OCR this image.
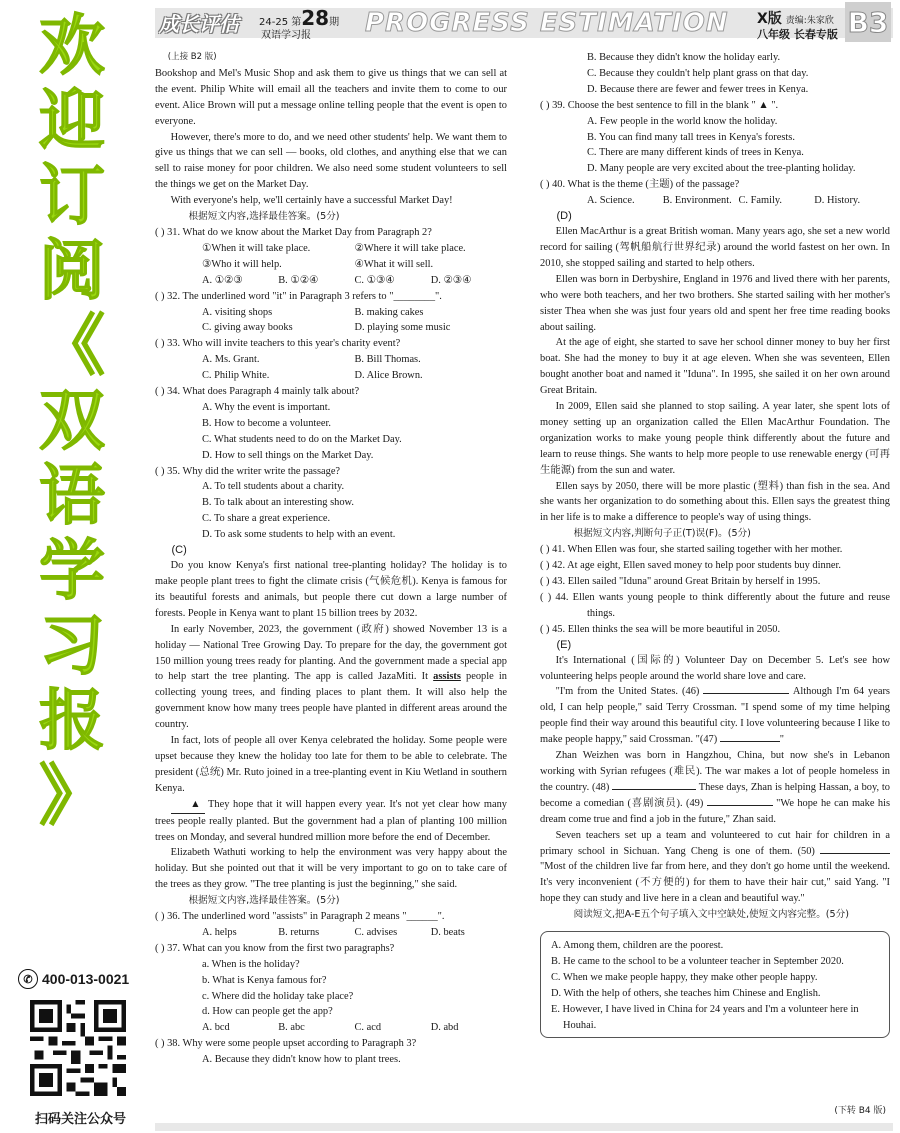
欢
迎
订
阅
《
双
语
学
习
报
》
✆ 400-013-0021
扫码关注公众号
成长评估 24-25 第28期
双语学习报 PROGRESS ESTIMATION X版 责编:朱家欣
八年级 长春专版 B3

(上接 B2 版)

Bookshop and Mel's Music Shop and ask them to give us things that we can sell at the event. Philip White will email all the teachers and invite them to come to our event. Alice Brown will put a message online telling people that the event is open to everyone.

However, there's more to do, and we need other students' help. We want them to give us things that we can sell — books, old clothes, and anything else that we can sell to raise money for poor children. We also need some student volunteers to sell the things we get on the Market Day.

With everyone's help, we'll certainly have a successful Market Day!

根据短文内容,选择最佳答案。(5分)

( ) 31. What do we know about the Market Day from Paragraph 2?

①When it will take place.	②Where it will take place.
③Who it will help.	④What it will sell.
A. ①②③	B. ①②④	C. ①③④	D. ②③④

( ) 32. The underlined word "it" in Paragraph 3 refers to "________".

A. visiting shops	B. making cakes
C. giving away books	D. playing some music

( ) 33. Who will invite teachers to this year's charity event?

A. Ms. Grant.	B. Bill Thomas.
C. Philip White.	D. Alice Brown.

( ) 34. What does Paragraph 4 mainly talk about?

A. Why the event is important.
B. How to become a volunteer.
C. What students need to do on the Market Day.
D. How to sell things on the Market Day.

( ) 35. Why did the writer write the passage?

A. To tell students about a charity.
B. To talk about an interesting show.
C. To share a great experience.
D. To ask some students to help with an event.

(C)

Do you know Kenya's first national tree-planting holiday? The holiday is to make people plant trees to fight the climate crisis (气候危机). Kenya is famous for its beautiful forests and animals, but people there cut down a large number of forests. People in Kenya want to plant 15 billion trees by 2032.

In early November, 2023, the government (政府) showed November 13 is a holiday — National Tree Growing Day. To prepare for the day, the government got 150 million young trees ready for planting. And the government made a special app to help start the tree planting. The app is called JazaMiti. It assists people in collecting young trees, and finding places to plant them. It will also help the government know how many trees people have planted in different areas around the country.

In fact, lots of people all over Kenya celebrated the holiday. Some people were upset because they knew the holiday too late for them to be able to celebrate. The president (总统) Mr. Ruto joined in a tree-planting event in Kiu Wetland in southern Kenya.

▲ They hope that it will happen every year. It's not yet clear how many trees people really planted. But the government had a plan of planting 100 million trees on Monday, and several hundred million more before the end of December.

Elizabeth Wathuti working to help the environment was very happy about the holiday. But she pointed out that it will be very important to go on to take care of the trees as they grow. "The tree planting is just the beginning," she said.

根据短文内容,选择最佳答案。(5分)

( ) 36. The underlined word "assists" in Paragraph 2 means "______".

A. helps	B. returns	C. advises	D. beats

( ) 37. What can you know from the first two paragraphs?

a. When is the holiday?
b. What is Kenya famous for?
c. Where did the holiday take place?
d. How can people get the app?
A. bcd	B. abc	C. acd	D. abd

( ) 38. Why were some people upset according to Paragraph 3?

A. Because they didn't know how to plant trees.
B. Because they didn't know the holiday early.
C. Because they couldn't help plant grass on that day.
D. Because there are fewer and fewer trees in Kenya.

( ) 39. Choose the best sentence to fill in the blank " ▲ ".

A. Few people in the world know the holiday.
B. You can find many tall trees in Kenya's forests.
C. There are many different kinds of trees in Kenya.
D. Many people are very excited about the tree-planting holiday.

( ) 40. What is the theme (主题) of the passage?

A. Science.	B. Environment. C. Family.	D. History.

(D)

Ellen MacArthur is a great British woman. Many years ago, she set a new world record for sailing (驾帆船航行世界纪录) around the world fastest on her own. In 2010, she stopped sailing and started to help others.

Ellen was born in Derbyshire, England in 1976 and lived there with her parents, who were both teachers, and her two brothers. She started sailing with her mother's sister Thea when she was just four years old and spent her free time reading books about sailing.

At the age of eight, she started to save her school dinner money to buy her first boat. She had the money to buy it at age eleven. When she was seventeen, Ellen bought another boat and named it "Iduna". In 1995, she sailed it on her own around Great Britain.

In 2009, Ellen said she planned to stop sailing. A year later, she spent lots of money setting up an organization called the Ellen MacArthur Foundation. The organization works to make young people think differently about the future and learn to reuse things. She wants to help more people to use renewable energy (可再生能源) from the sun and water.

Ellen says by 2050, there will be more plastic (塑料) than fish in the sea. And she wants her organization to do something about this. Ellen says the greatest thing in her life is to make a difference to people's way of using things.

根据短文内容,判断句子正(T)误(F)。(5分)

( ) 41. When Ellen was four, she started sailing together with her mother.

( ) 42. At age eight, Ellen saved money to help poor students buy dinner.

( ) 43. Ellen sailed "Iduna" around Great Britain by herself in 1995.

( ) 44. Ellen wants young people to think differently about the future and reuse things.

( ) 45. Ellen thinks the sea will be more beautiful in 2050.

(E)

It's International (国际的) Volunteer Day on December 5. Let's see how volunteering helps people around the world share love and care.

"I'm from the United States. (46)	Although I'm 64 years old, I can help people," said Terry Crossman. "I spend some of my time helping people find their way around this beautiful city. I love volunteering because I like to make people happy," said Crossman. "(47)	"

Zhan Weizhen was born in Hangzhou, China, but now she's in Lebanon working with Syrian refugees (难民). The war makes a lot of people homeless in the country. (48)	These days, Zhan is helping Hassan, a boy, to become a comedian (喜剧演员). (49)	"We hope he can make his dream come true and find a job in the future," Zhan said.

Seven teachers set up a team and volunteered to cut hair for children in a primary school in Sichuan. Yang Cheng is one of them. (50)  "Most of the children live far from here, and they don't go home until the weekend. It's very inconvenient (不方便的) for them to have their hair cut," said Yang. "I hope they can study and live here in a clean and beautiful way."

阅读短文,把A-E五个句子填入文中空缺处,使短文内容完整。(5分)

A. Among them, children are the poorest.
B. He came to the school to be a volunteer teacher in September 2020.
C. When we make people happy, they make other people happy.
D. With the help of others, she teaches him Chinese and English.
E. However, I have lived in China for 24 years and I'm a volunteer here in Houhai.
(下转 B4 版)
